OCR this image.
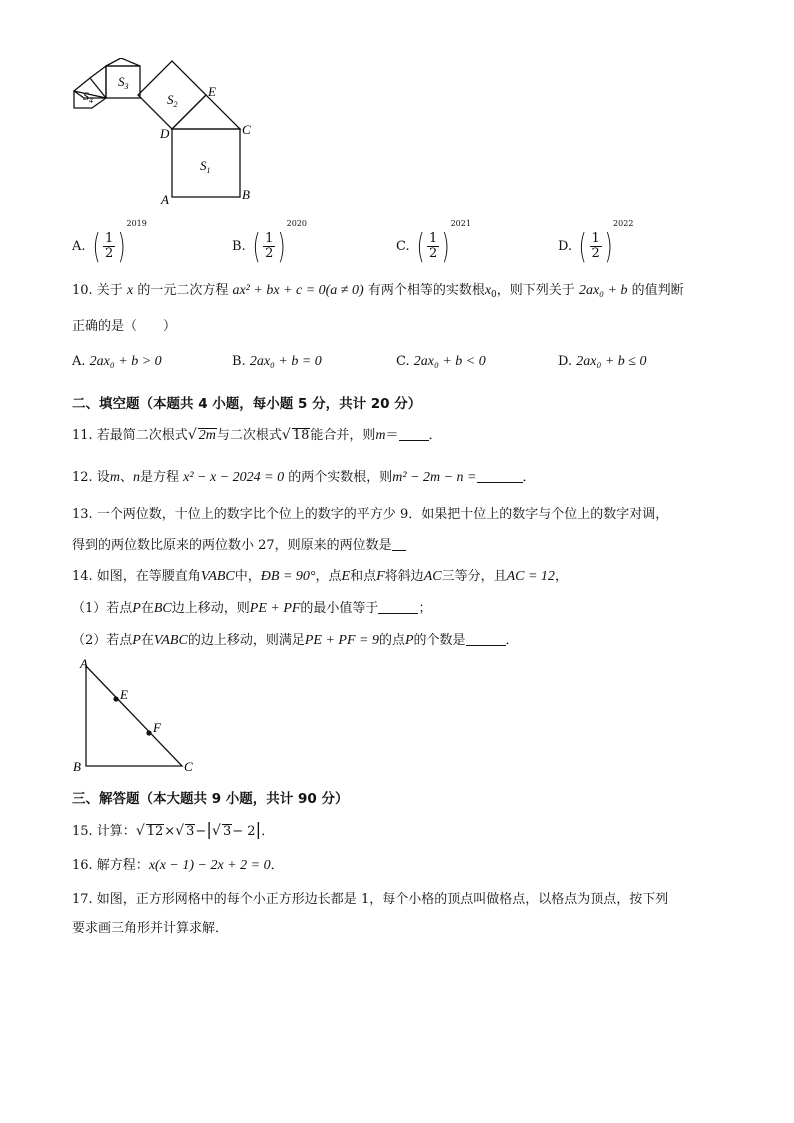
$S_1$
$S_2$
$S_3$
$S_4$
A	B
C
D
E
A. ( $\frac{1}{2} )^{2019}$
B. ( $\frac{1}{2} )^{2020}$
C. ( $\frac{1}{2} )^{2021}$
D. ( $\frac{1}{2} )^{2022}$
10. 关于 x 的一元二次方程 ax² + bx + c = 0(a ≠ 0) 有两个相等的实数根$x_0$，则下列关于 2ax₀ + b 的值判断
正确的是（　　）
A. 2ax₀ + b > 0	B. 2ax₀ + b = 0	C. 2ax₀ + b < 0	D. 2ax₀ + b ≤ 0
二、填空题（本题共 4 小题，每小题 5 分，共计 20 分）
11. 若最简二次根式√ 2m与二次根式√ 18能合并，则m＝ ．
12. 设m、n是方程 x² − x − 2024 = 0 的两个实数根，则m² − 2m − n =	．
13. 一个两位数，十位上的数字比个位上的数字的平方少 9．如果把十位上的数字与个位上的数字对调，
得到的两位数比原来的两位数小 27，则原来的两位数是
14. 如图，在等腰直角VABC中，ÐB = 90°，点E和点F将斜边AC三等分，且AC = 12，
（1）若点P在BC边上移动，则PE + PF的最小值等于	；
（2）若点P在VABC的边上移动，则满足PE + PF = 9的点P的个数是	．
A
B	C
E
F
三、解答题（本大题共 9 小题，共计 90 分）
15. 计算：√ 12×√ 3−|√ 3− 2|．
16. 解方程：x(x − 1) − 2x + 2 = 0．
17. 如图，正方形网格中的每个小正方形边长都是 1，每个小格的顶点叫做格点，以格点为顶点，按下列
要求画三角形并计算求解．
